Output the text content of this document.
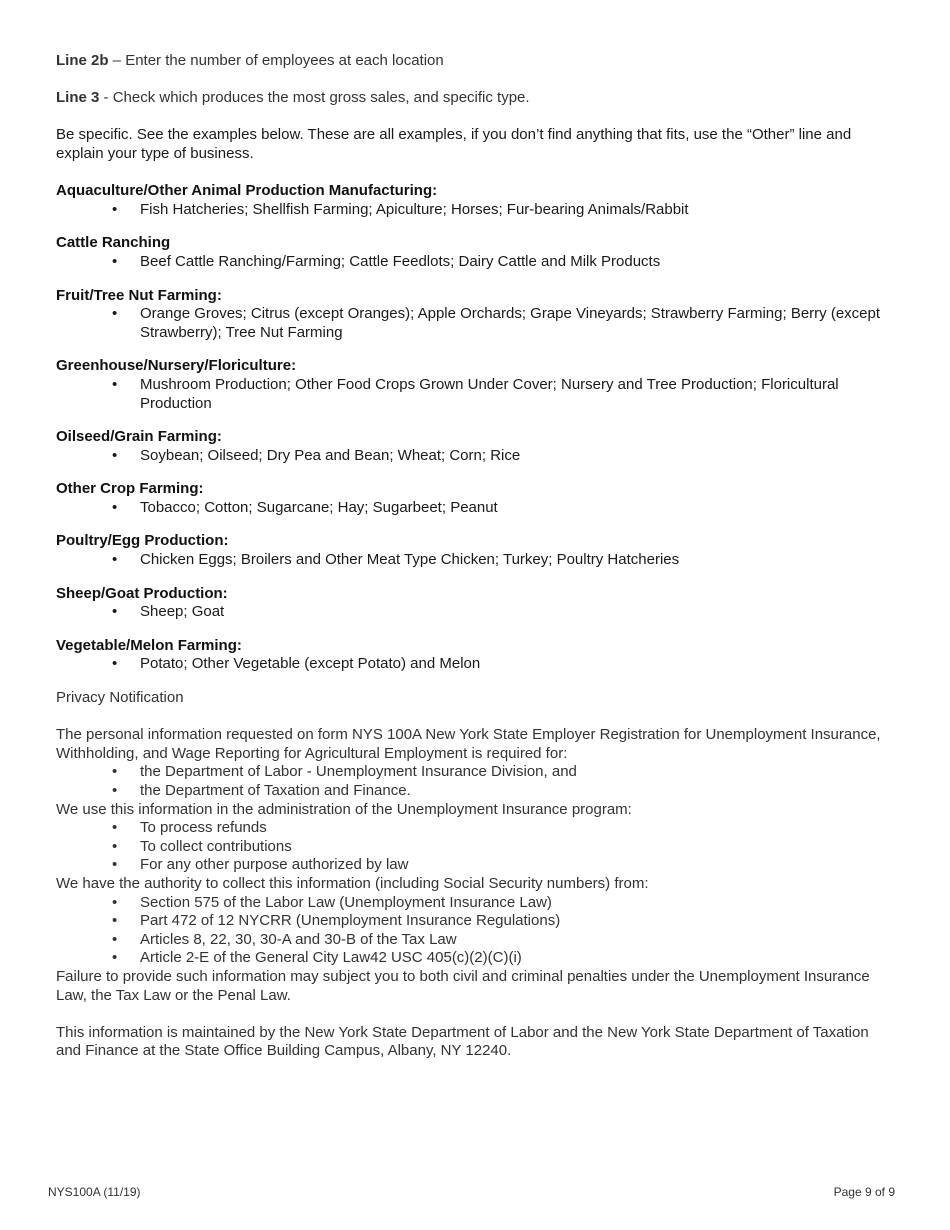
Line 2b – Enter the number of employees at each location

Line 3 - Check which produces the most gross sales, and specific type.

Be specific. See the examples below. These are all examples, if you don’t find anything that fits, use the “Other” line and explain your type of business.

Aquaculture/Other Animal Production Manufacturing:

• Fish Hatcheries; Shellfish Farming; Apiculture; Horses; Fur-bearing Animals/Rabbit

Cattle Ranching

• Beef Cattle Ranching/Farming; Cattle Feedlots; Dairy Cattle and Milk Products

Fruit/Tree Nut Farming:

• Orange Groves; Citrus (except Oranges); Apple Orchards; Grape Vineyards; Strawberry Farming; Berry (except Strawberry); Tree Nut Farming

Greenhouse/Nursery/Floriculture:

• Mushroom Production; Other Food Crops Grown Under Cover; Nursery and Tree Production; Floricultural Production

Oilseed/Grain Farming:

• Soybean; Oilseed; Dry Pea and Bean; Wheat; Corn; Rice

Other Crop Farming:

• Tobacco; Cotton; Sugarcane; Hay; Sugarbeet; Peanut

Poultry/Egg Production:

• Chicken Eggs; Broilers and Other Meat Type Chicken; Turkey; Poultry Hatcheries

Sheep/Goat Production:

• Sheep; Goat

Vegetable/Melon Farming:

• Potato; Other Vegetable (except Potato) and Melon

Privacy Notification

The personal information requested on form NYS 100A New York State Employer Registration for Unemployment Insurance, Withholding, and Wage Reporting for Agricultural Employment is required for:

• the Department of Labor - Unemployment Insurance Division, and
• the Department of Taxation and Finance.

We use this information in the administration of the Unemployment Insurance program:

• To process refunds
• To collect contributions
• For any other purpose authorized by law

We have the authority to collect this information (including Social Security numbers) from:

• Section 575 of the Labor Law (Unemployment Insurance Law)
• Part 472 of 12 NYCRR (Unemployment Insurance Regulations)
• Articles 8, 22, 30, 30-A and 30-B of the Tax Law
• Article 2-E of the General City Law42 USC 405(c)(2)(C)(i)

Failure to provide such information may subject you to both civil and criminal penalties under the Unemployment Insurance Law, the Tax Law or the Penal Law.

This information is maintained by the New York State Department of Labor and the New York State Department of Taxation and Finance at the State Office Building Campus, Albany, NY 12240.

NYS100A (11/19)	Page 9 of 9
